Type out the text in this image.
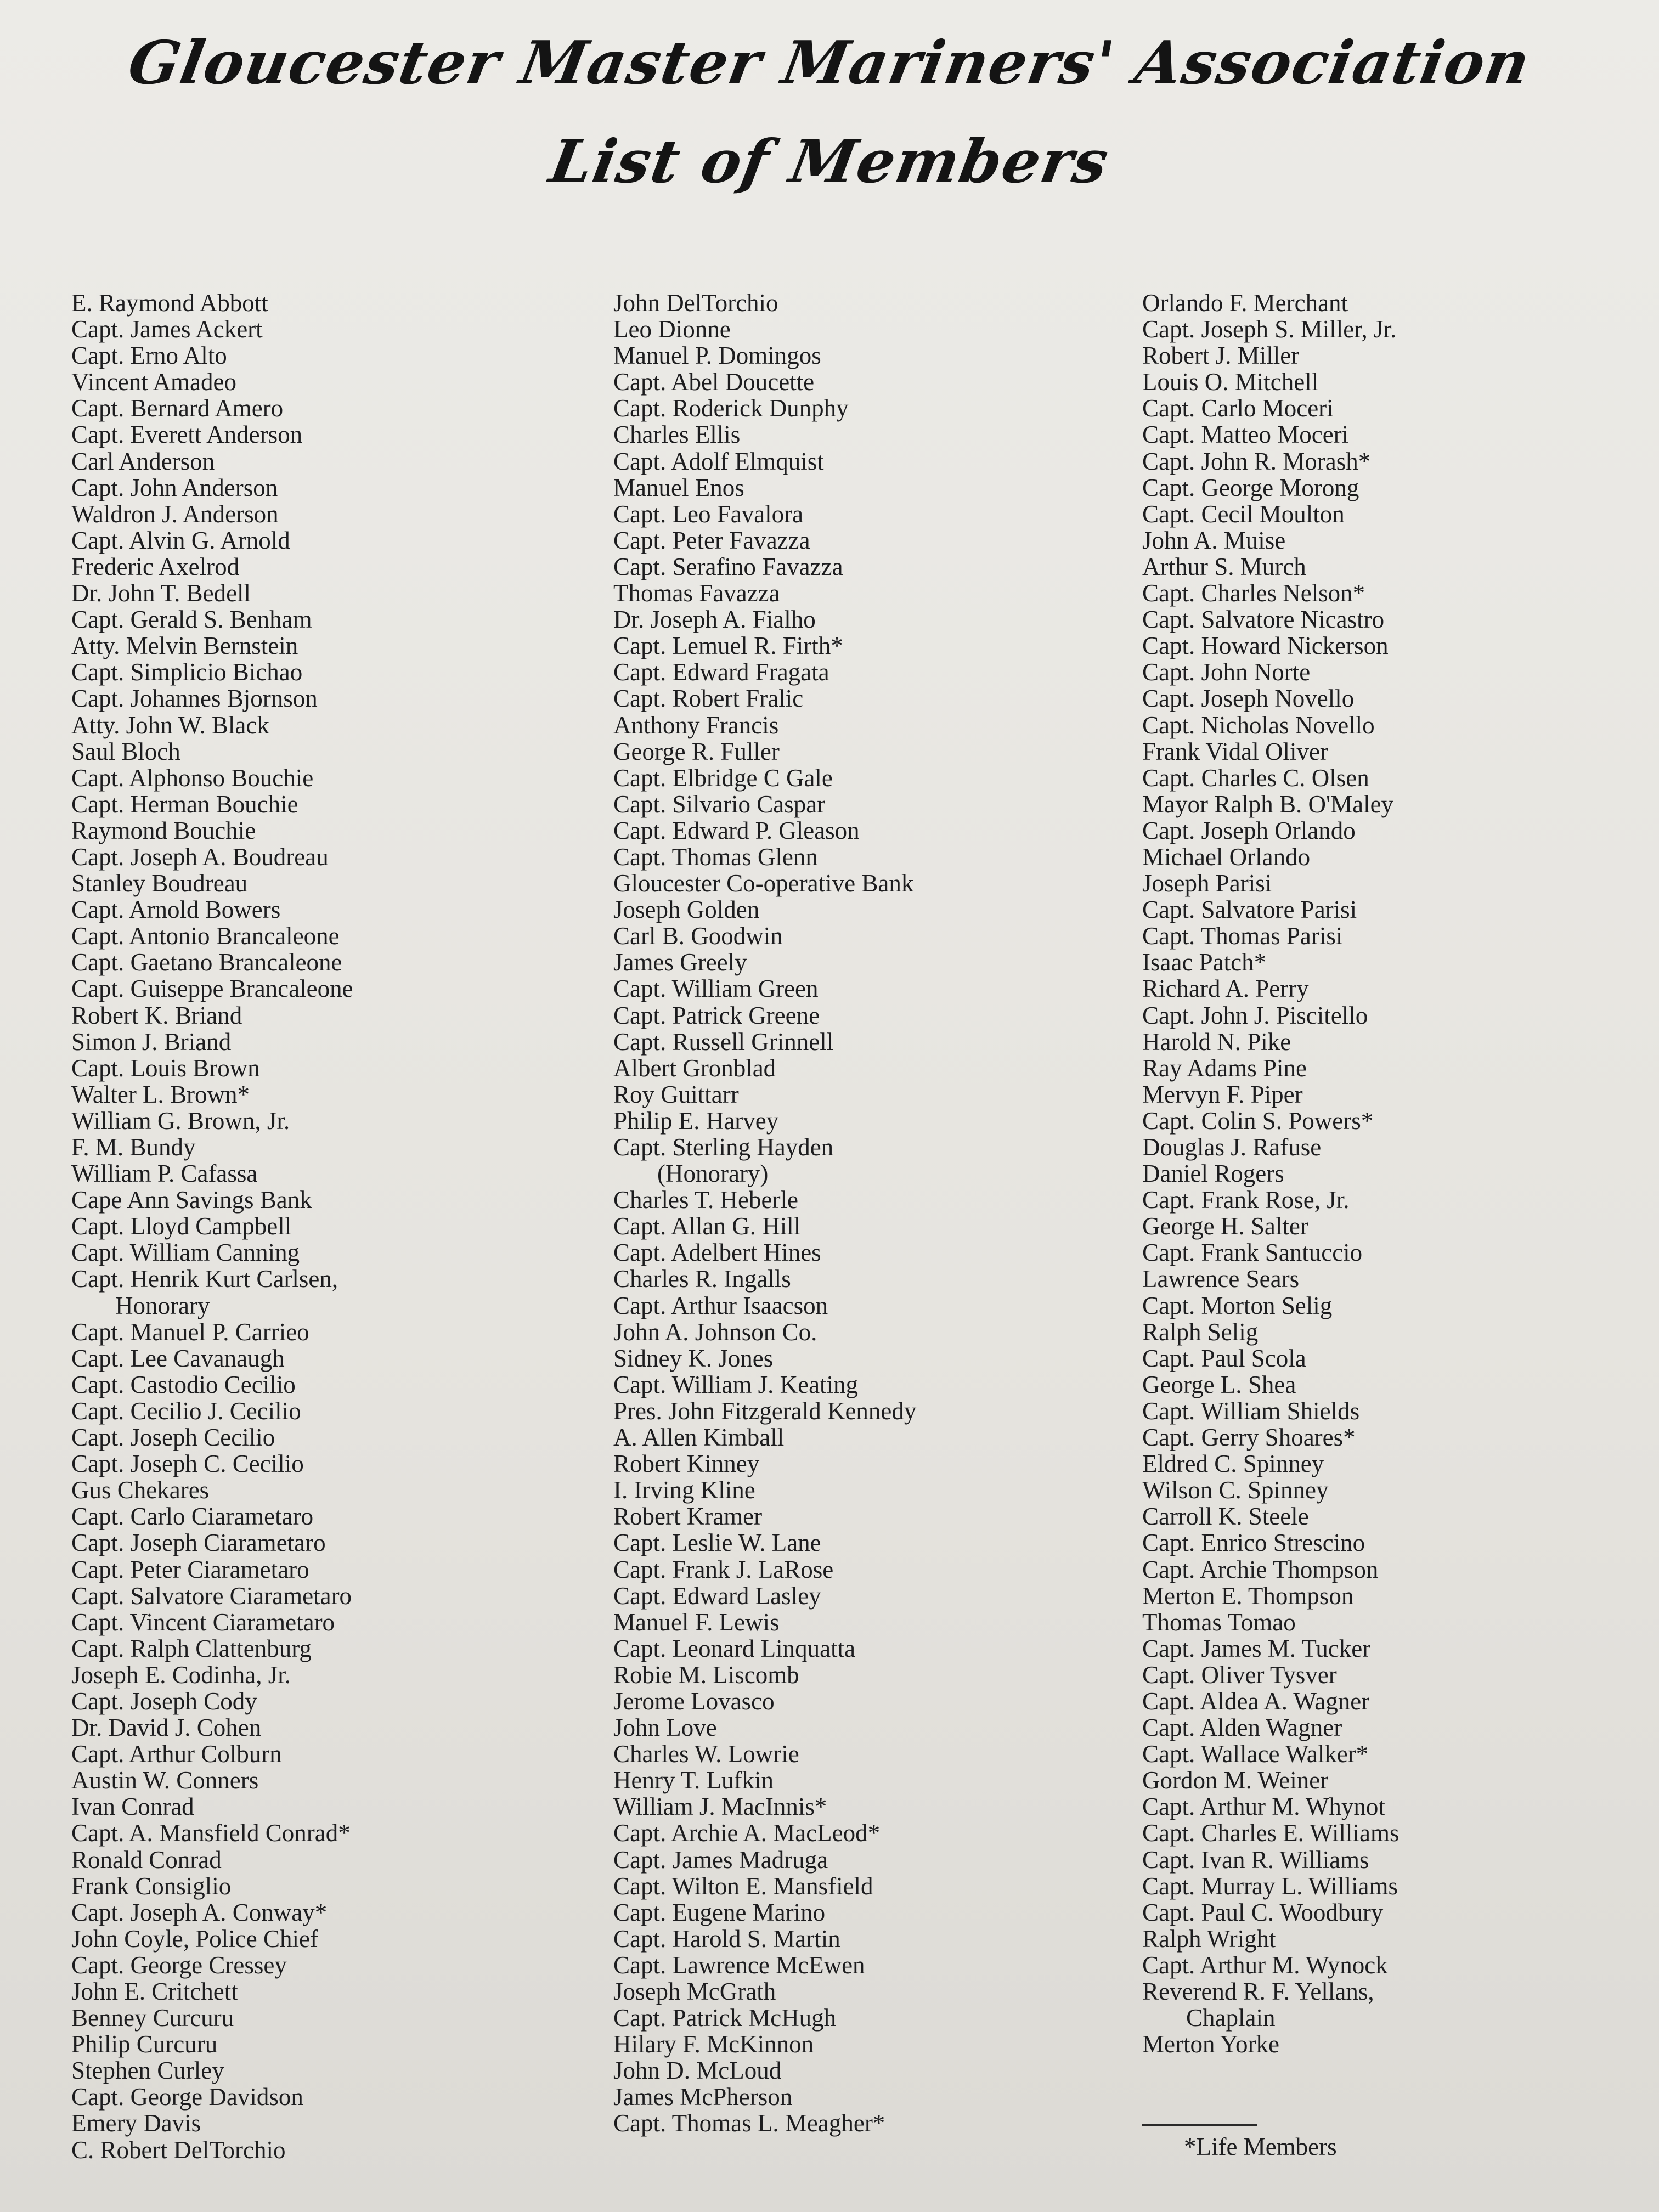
Gloucester Master Mariners' Association
List of Members
E. Raymond Abbott
Capt. James Ackert
Capt. Erno Alto
Vincent Amadeo
Capt. Bernard Amero
Capt. Everett Anderson
Carl Anderson
Capt. John Anderson
Waldron J. Anderson
Capt. Alvin G. Arnold
Frederic Axelrod
Dr. John T. Bedell
Capt. Gerald S. Benham
Atty. Melvin Bernstein
Capt. Simplicio Bichao
Capt. Johannes Bjornson
Atty. John W. Black
Saul Bloch
Capt. Alphonso Bouchie
Capt. Herman Bouchie
Raymond Bouchie
Capt. Joseph A. Boudreau
Stanley Boudreau
Capt. Arnold Bowers
Capt. Antonio Brancaleone
Capt. Gaetano Brancaleone
Capt. Guiseppe Brancaleone
Robert K. Briand
Simon J. Briand
Capt. Louis Brown
Walter L. Brown*
William G. Brown, Jr.
F. M. Bundy
William P. Cafassa
Cape Ann Savings Bank
Capt. Lloyd Campbell
Capt. William Canning
Capt. Henrik Kurt Carlsen,
Honorary
Capt. Manuel P. Carrieo
Capt. Lee Cavanaugh
Capt. Castodio Cecilio
Capt. Cecilio J. Cecilio
Capt. Joseph Cecilio
Capt. Joseph C. Cecilio
Gus Chekares
Capt. Carlo Ciarametaro
Capt. Joseph Ciarametaro
Capt. Peter Ciarametaro
Capt. Salvatore Ciarametaro
Capt. Vincent Ciarametaro
Capt. Ralph Clattenburg
Joseph E. Codinha, Jr.
Capt. Joseph Cody
Dr. David J. Cohen
Capt. Arthur Colburn
Austin W. Conners
Ivan Conrad
Capt. A. Mansfield Conrad*
Ronald Conrad
Frank Consiglio
Capt. Joseph A. Conway*
John Coyle, Police Chief
Capt. George Cressey
John E. Critchett
Benney Curcuru
Philip Curcuru
Stephen Curley
Capt. George Davidson
Emery Davis
C. Robert DelTorchio
John DelTorchio
Leo Dionne
Manuel P. Domingos
Capt. Abel Doucette
Capt. Roderick Dunphy
Charles Ellis
Capt. Adolf Elmquist
Manuel Enos
Capt. Leo Favalora
Capt. Peter Favazza
Capt. Serafino Favazza
Thomas Favazza
Dr. Joseph A. Fialho
Capt. Lemuel R. Firth*
Capt. Edward Fragata
Capt. Robert Fralic
Anthony Francis
George R. Fuller
Capt. Elbridge C Gale
Capt. Silvario Caspar
Capt. Edward P. Gleason
Capt. Thomas Glenn
Gloucester Co-operative Bank
Joseph Golden
Carl B. Goodwin
James Greely
Capt. William Green
Capt. Patrick Greene
Capt. Russell Grinnell
Albert Gronblad
Roy Guittarr
Philip E. Harvey
Capt. Sterling Hayden
(Honorary)
Charles T. Heberle
Capt. Allan G. Hill
Capt. Adelbert Hines
Charles R. Ingalls
Capt. Arthur Isaacson
John A. Johnson Co.
Sidney K. Jones
Capt. William J. Keating
Pres. John Fitzgerald Kennedy
A. Allen Kimball
Robert Kinney
I. Irving Kline
Robert Kramer
Capt. Leslie W. Lane
Capt. Frank J. LaRose
Capt. Edward Lasley
Manuel F. Lewis
Capt. Leonard Linquatta
Robie M. Liscomb
Jerome Lovasco
John Love
Charles W. Lowrie
Henry T. Lufkin
William J. MacInnis*
Capt. Archie A. MacLeod*
Capt. James Madruga
Capt. Wilton E. Mansfield
Capt. Eugene Marino
Capt. Harold S. Martin
Capt. Lawrence McEwen
Joseph McGrath
Capt. Patrick McHugh
Hilary F. McKinnon
John D. McLoud
James McPherson
Capt. Thomas L. Meagher*
Orlando F. Merchant
Capt. Joseph S. Miller, Jr.
Robert J. Miller
Louis O. Mitchell
Capt. Carlo Moceri
Capt. Matteo Moceri
Capt. John R. Morash*
Capt. George Morong
Capt. Cecil Moulton
John A. Muise
Arthur S. Murch
Capt. Charles Nelson*
Capt. Salvatore Nicastro
Capt. Howard Nickerson
Capt. John Norte
Capt. Joseph Novello
Capt. Nicholas Novello
Frank Vidal Oliver
Capt. Charles C. Olsen
Mayor Ralph B. O'Maley
Capt. Joseph Orlando
Michael Orlando
Joseph Parisi
Capt. Salvatore Parisi
Capt. Thomas Parisi
Isaac Patch*
Richard A. Perry
Capt. John J. Piscitello
Harold N. Pike
Ray Adams Pine
Mervyn F. Piper
Capt. Colin S. Powers*
Douglas J. Rafuse
Daniel Rogers
Capt. Frank Rose, Jr.
George H. Salter
Capt. Frank Santuccio
Lawrence Sears
Capt. Morton Selig
Ralph Selig
Capt. Paul Scola
George L. Shea
Capt. William Shields
Capt. Gerry Shoares*
Eldred C. Spinney
Wilson C. Spinney
Carroll K. Steele
Capt. Enrico Strescino
Capt. Archie Thompson
Merton E. Thompson
Thomas Tomao
Capt. James M. Tucker
Capt. Oliver Tysver
Capt. Aldea A. Wagner
Capt. Alden Wagner
Capt. Wallace Walker*
Gordon M. Weiner
Capt. Arthur M. Whynot
Capt. Charles E. Williams
Capt. Ivan R. Williams
Capt. Murray L. Williams
Capt. Paul C. Woodbury
Ralph Wright
Capt. Arthur M. Wynock
Reverend R. F. Yellans,
Chaplain
Merton Yorke
*Life Members
